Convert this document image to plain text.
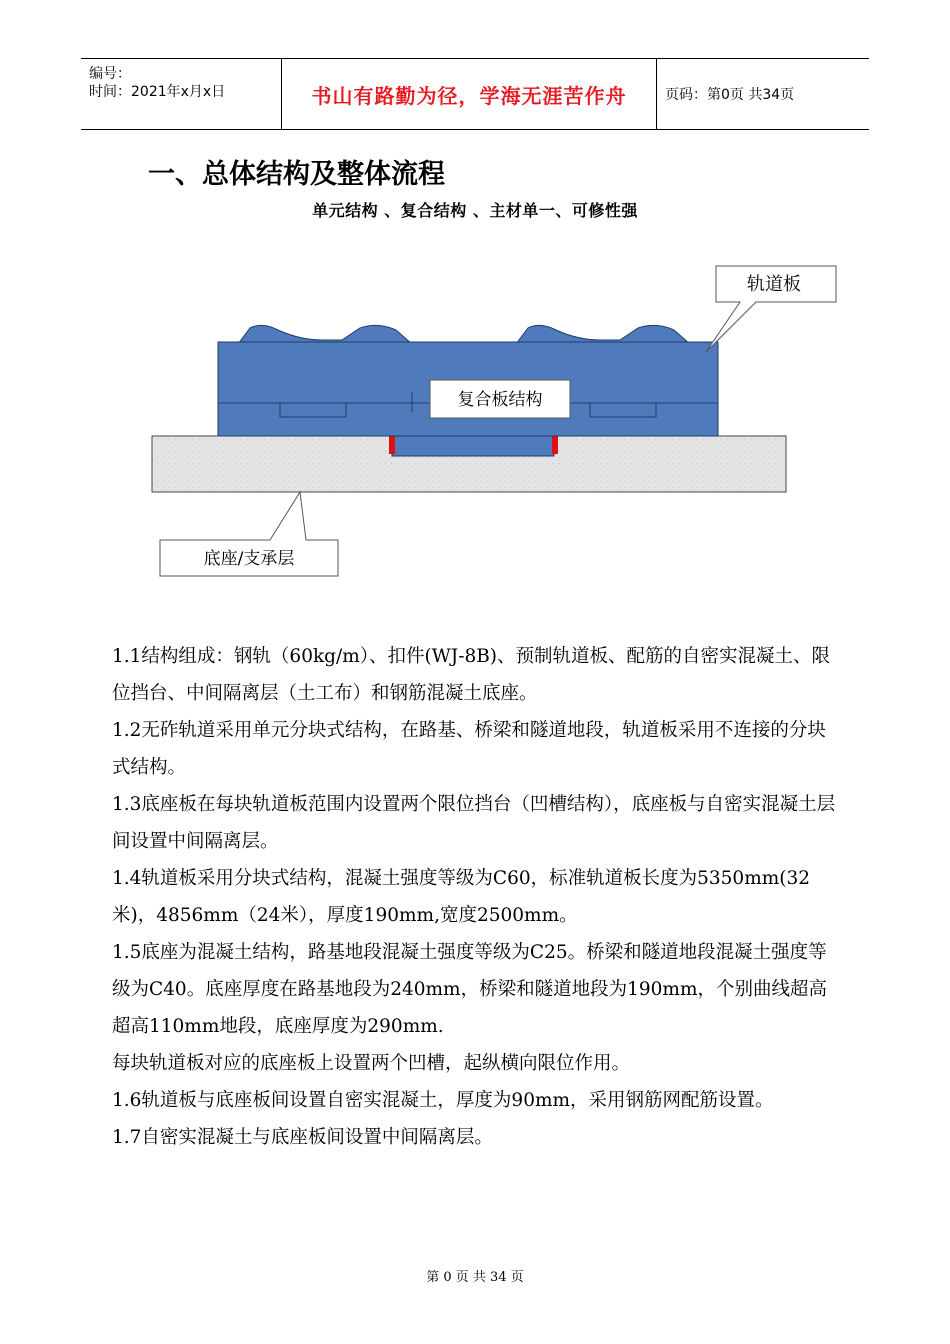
编号：
时间：2021年x月x日	书山有路勤为径，学海无涯苦作舟	页码：第0页 共34页
一、总体结构及整体流程
单元结构 、复合结构 、主材单一、可修性强
复合板结构
轨道板
底座/支承层

1.1结构组成：钢轨（60kg/m）、扣件(WJ-8B)、预制轨道板、配筋的自密实混凝土、限位挡台、中间隔离层（土工布）和钢筋混凝土底座。

1.2无砟轨道采用单元分块式结构，在路基、桥梁和隧道地段，轨道板采用不连接的分块式结构。

1.3底座板在每块轨道板范围内设置两个限位挡台（凹槽结构），底座板与自密实混凝土层间设置中间隔离层。

1.4轨道板采用分块式结构，混凝土强度等级为C60，标准轨道板长度为5350mm(32米)，4856mm（24米），厚度190mm,宽度2500mm。

1.5底座为混凝土结构，路基地段混凝土强度等级为C25。桥梁和隧道地段混凝土强度等级为C40。底座厚度在路基地段为240mm，桥梁和隧道地段为190mm，个别曲线超高超高110mm地段，底座厚度为290mm.

每块轨道板对应的底座板上设置两个凹槽，起纵横向限位作用。

1.6轨道板与底座板间设置自密实混凝土，厚度为90mm，采用钢筋网配筋设置。

1.7自密实混凝土与底座板间设置中间隔离层。

第 0 页 共 34 页
